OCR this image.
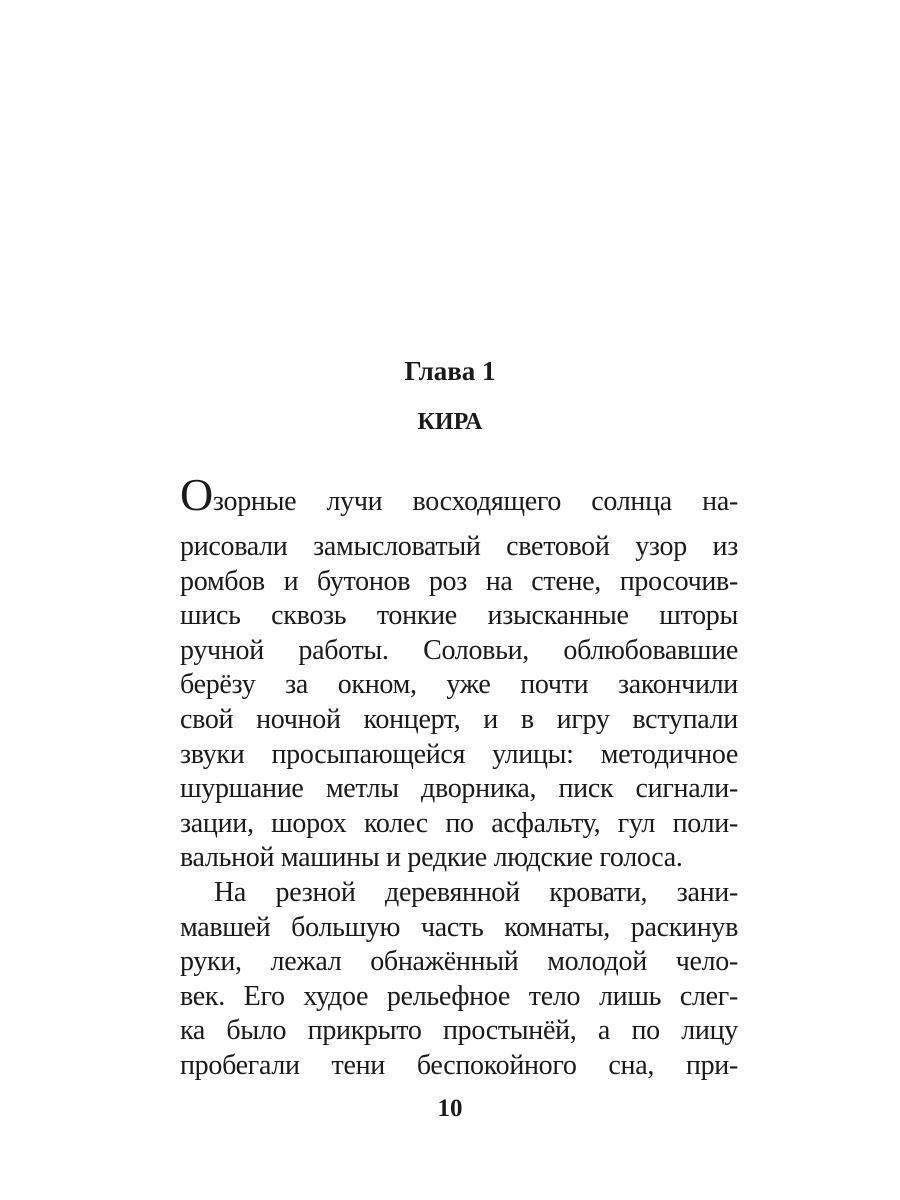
Глава 1
КИРА
Озорные лучи восходящего солнца на-
рисовали замысловатый световой узор из
ромбов и бутонов роз на стене, просочив-
шись сквозь тонкие изысканные шторы
ручной работы. Соловьи, облюбовавшие
берёзу за окном, уже почти закончили
свой ночной концерт, и в игру вступали
звуки просыпающейся улицы: методичное
шуршание метлы дворника, писк сигнали-
зации, шорох колес по асфальту, гул поли-
вальной машины и редкие людские голоса.
На резной деревянной кровати, зани-
мавшей большую часть комнаты, раскинув
руки, лежал обнажённый молодой чело-
век. Его худое рельефное тело лишь слег-
ка было прикрыто простынёй, а по лицу
пробегали тени беспокойного сна, при-
10
